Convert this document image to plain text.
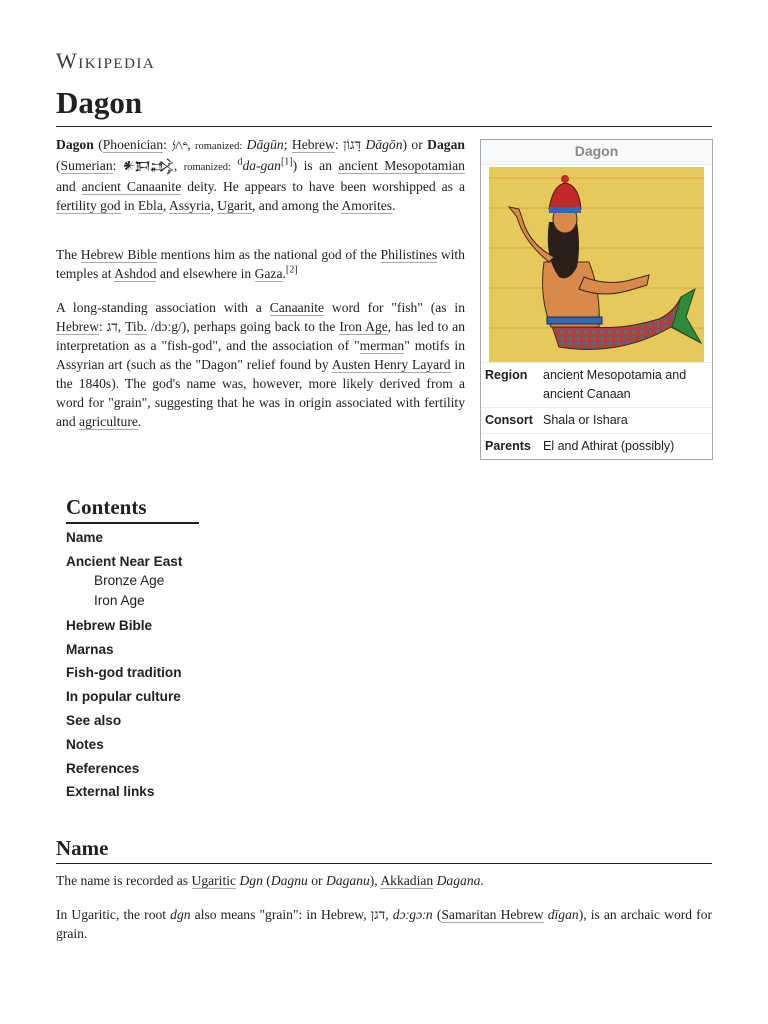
Wikipedia
Dagon

Dagon (Phoenician: 𐤃𐤂𐤍, romanized: Dāgūn; Hebrew: דָּגוֹן Dāgōn) or Dagan (Sumerian: 𒀭𒁕𒃶, romanized: $^d$da-gan[1]) is an ancient Mesopotamian and ancient Canaanite deity. He appears to have been worshipped as a fertility god in Ebla, Assyria, Ugarit, and among the Amorites.

The Hebrew Bible mentions him as the national god of the Philistines with temples at Ashdod and elsewhere in Gaza.[2]

A long-standing association with a Canaanite word for "fish" (as in Hebrew: דג, Tib. /dɔːg/), perhaps going back to the Iron Age, has led to an interpretation as a "fish-god", and the association of "merman" motifs in Assyrian art (such as the "Dagon" relief found by Austen Henry Layard in the 1840s). The god's name was, however, more likely derived from a word for "grain", suggesting that he was in origin associated with fertility and agriculture.

Dagon
Region	ancient Mesopotamia and ancient Canaan
Consort Shala or Ishara
Parents El and Athirat (possibly)
Contents
Name
Ancient Near East
Bronze Age
Iron Age
Hebrew Bible
Marnas
Fish-god tradition
In popular culture
See also
Notes
References
External links
Name

The name is recorded as Ugaritic Dgn (Dagnu or Daganu), Akkadian Dagana.

In Ugaritic, the root dgn also means "grain": in Hebrew, דגן, dɔːgɔːn (Samaritan Hebrew dīgan), is an archaic word for grain.
